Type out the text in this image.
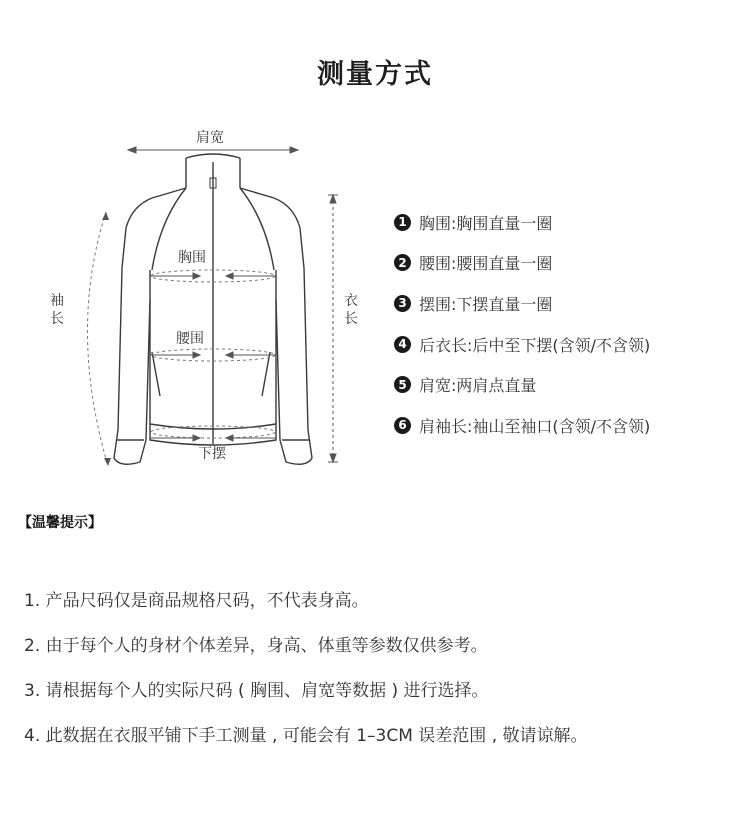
测量方式
肩宽
胸围
腰围
下摆
袖
长
衣
长
1 胸围:胸围直量一圈
2 腰围:腰围直量一圈
3 摆围:下摆直量一圈
4 后衣长:后中至下摆(含领/不含领)
5 肩宽:两肩点直量
6 肩袖长:袖山至袖口(含领/不含领)
【温馨提示】
1. 产品尺码仅是商品规格尺码，不代表身高。
2. 由于每个人的身材个体差异，身高、体重等参数仅供参考。
3. 请根据每个人的实际尺码 ( 胸围、肩宽等数据 ) 进行选择。
4. 此数据在衣服平铺下手工测量 , 可能会有 1–3CM 误差范围 , 敬请谅解。
